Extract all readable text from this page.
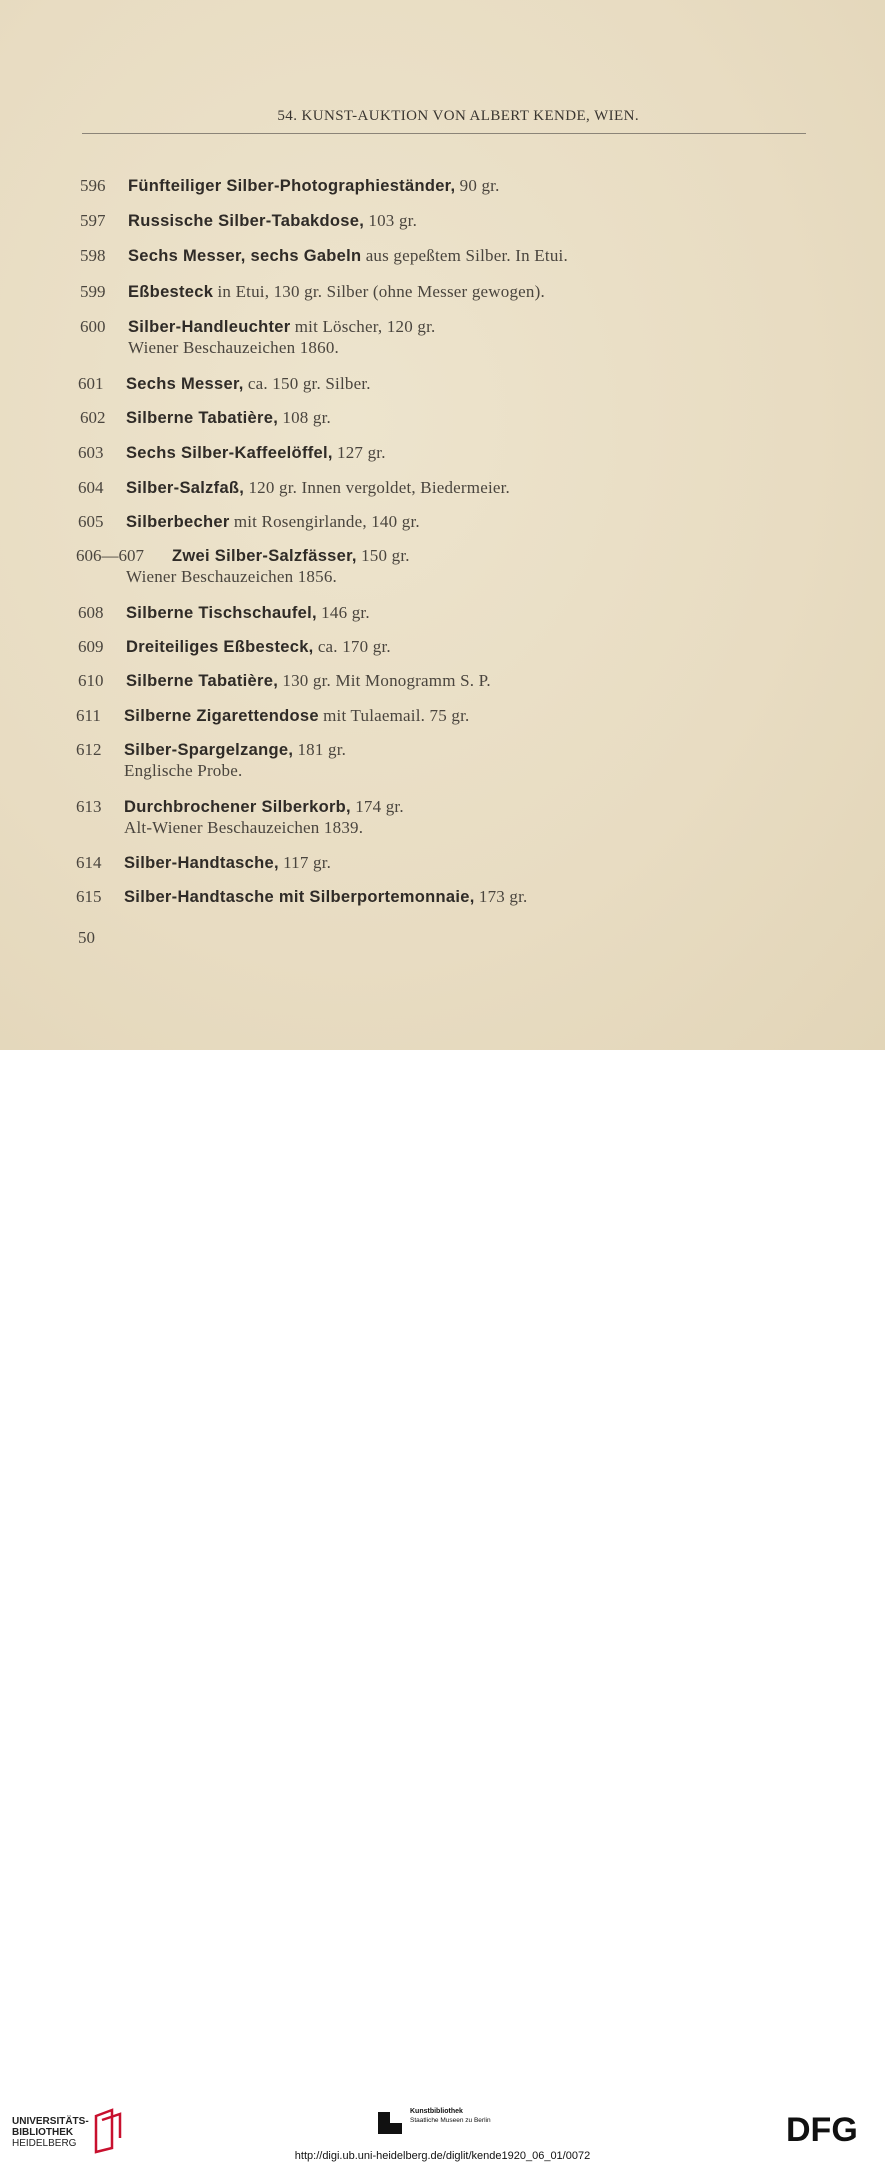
54. KUNST-AUKTION VON ALBERT KENDE, WIEN.
596 Fünfteiliger Silber-Photographieständer, 90 gr.
597 Russische Silber-Tabakdose, 103 gr.
598 Sechs Messer, sechs Gabeln aus gepeßtem Silber. In Etui.
599 Eßbesteck in Etui, 130 gr. Silber (ohne Messer gewogen).
600 Silber-Handleuchter mit Löscher, 120 gr.
Wiener Beschauzeichen 1860.
601 Sechs Messer, ca. 150 gr. Silber.
602 Silberne Tabatière, 108 gr.
603 Sechs Silber-Kaffeelöffel, 127 gr.
604 Silber-Salzfaß, 120 gr. Innen vergoldet, Biedermeier.
605 Silberbecher mit Rosengirlande, 140 gr.
606—607 Zwei Silber-Salzfässer, 150 gr.
Wiener Beschauzeichen 1856.
608 Silberne Tischschaufel, 146 gr.
609 Dreiteiliges Eßbesteck, ca. 170 gr.
610 Silberne Tabatière, 130 gr. Mit Monogramm S. P.
611 Silberne Zigarettendose mit Tulaemail. 75 gr.
612 Silber-Spargelzange, 181 gr.
Englische Probe.
613 Durchbrochener Silberkorb, 174 gr.
Alt-Wiener Beschauzeichen 1839.
614 Silber-Handtasche, 117 gr.
615 Silber-Handtasche mit Silberportemonnaie, 173 gr.
50
UNIVERSITÄTS-
BIBLIOTHEK
HEIDELBERG
Kunstbibliothek
Staatliche Museen zu Berlin	DFG
http://digi.ub.uni-heidelberg.de/diglit/kende1920_06_01/0072
